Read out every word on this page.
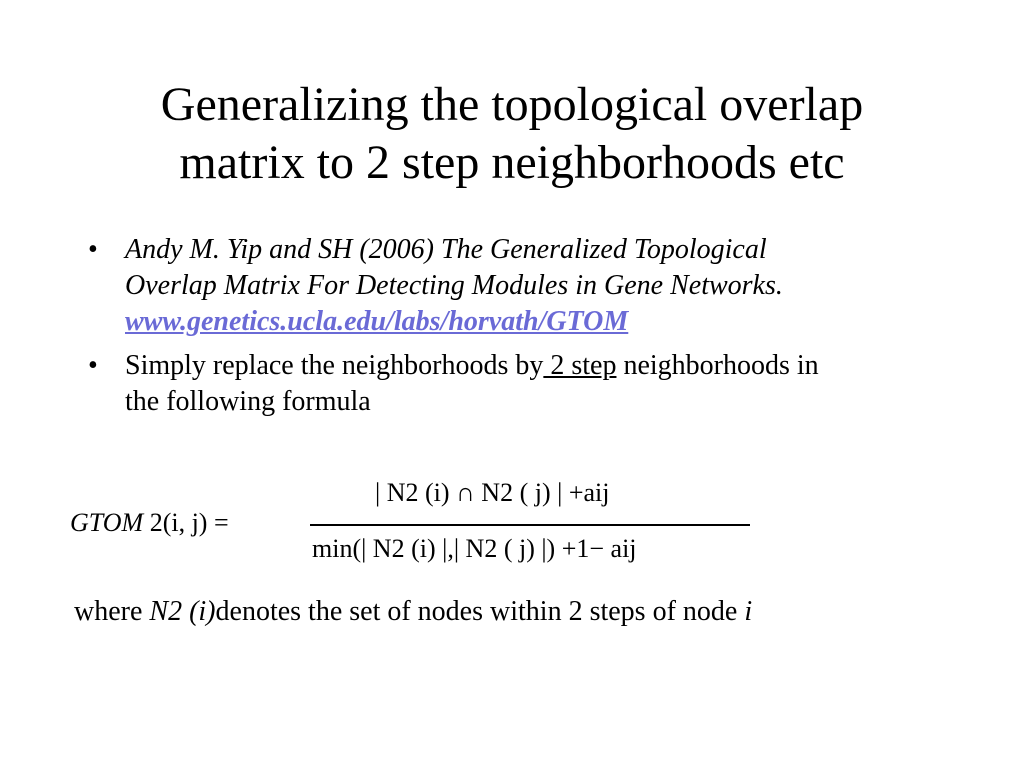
Generalizing the topological overlap
matrix to 2 step neighborhoods etc
• Andy M. Yip and SH (2006) The Generalized Topological
Overlap Matrix For Detecting Modules in Gene Networks.
www.genetics.ucla.edu/labs/horvath/GTOM
• Simply replace the neighborhoods by 2 step neighborhoods in
the following formula
GTOM 2(i, j) =
| N2 (i) ∩ N2 ( j) | +aij
min(| N2 (i) |,| N2 ( j) |) +1− aij
where N2 (i)denotes the set of nodes within 2 steps of node i
